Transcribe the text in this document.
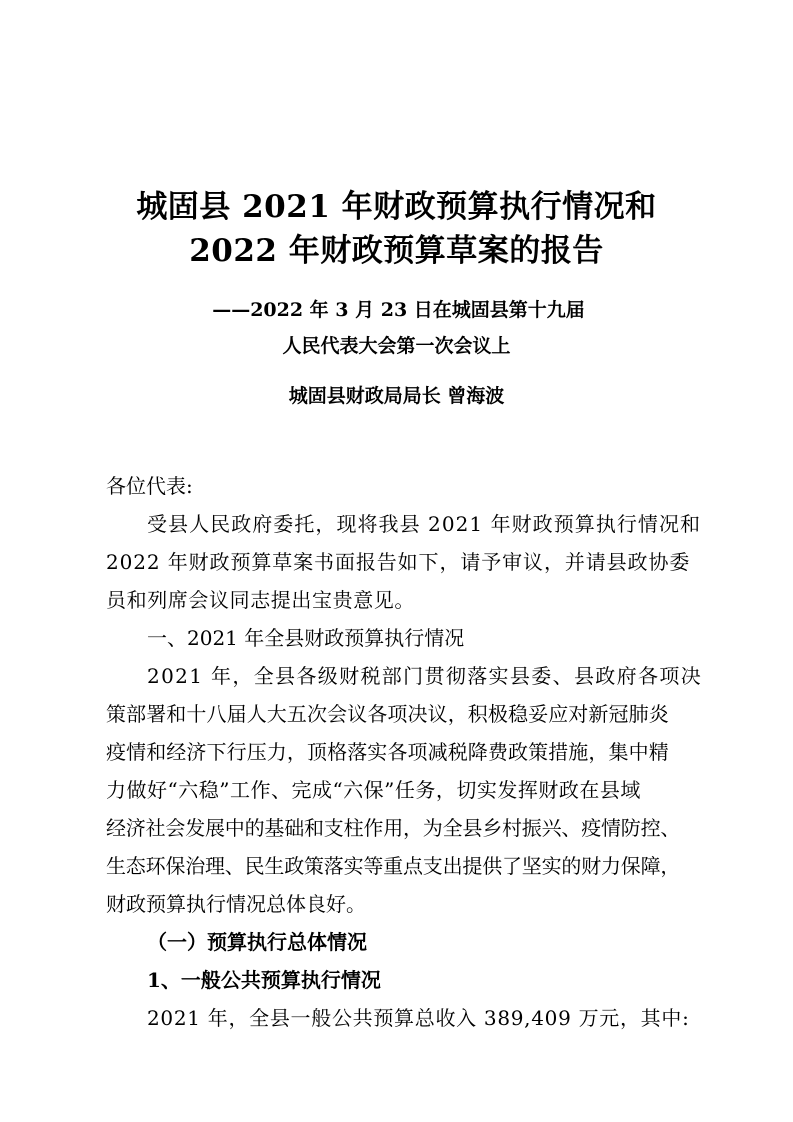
城固县 2021 年财政预算执行情况和
2022 年财政预算草案的报告
——2022 年 3 月 23 日在城固县第十九届
人民代表大会第一次会议上
城固县财政局局长 曾海波
各位代表:
受县人民政府委托，现将我县 2021 年财政预算执行情况和
2022 年财政预算草案书面报告如下，请予审议，并请县政协委
员和列席会议同志提出宝贵意见。
一、2021 年全县财政预算执行情况
2021 年，全县各级财税部门贯彻落实县委、县政府各项决
策部署和十八届人大五次会议各项决议，积极稳妥应对新冠肺炎
疫情和经济下行压力，顶格落实各项减税降费政策措施，集中精
力做好“六稳”工作、完成“六保”任务，切实发挥财政在县域
经济社会发展中的基础和支柱作用，为全县乡村振兴、疫情防控、
生态环保治理、民生政策落实等重点支出提供了坚实的财力保障，
财政预算执行情况总体良好。
（一）预算执行总体情况
1、一般公共预算执行情况
2021 年，全县一般公共预算总收入 389,409 万元，其中:
